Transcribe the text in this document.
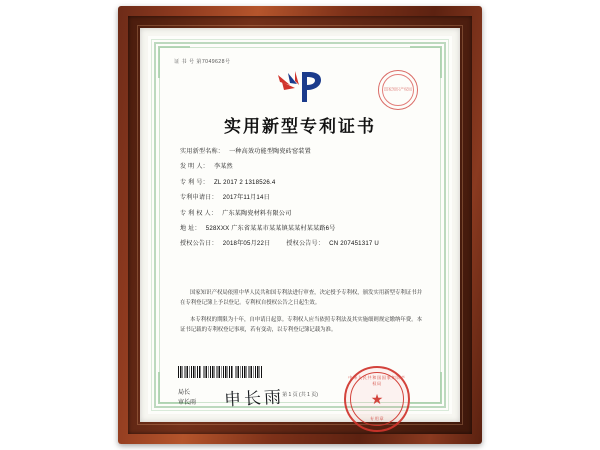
证 书 号 第7049628号
国家知识产权局
实用新型专利证书
实用新型名称： 一种高效功能型陶瓷砖窑装置
发 明 人： 李某然
专 利 号： ZL 2017 2 1318526.4
专利申请日： 2017年11月14日
专 利 权 人： 广东某陶瓷材料有限公司
地 址： 528XXX 广东省某某市某某镇某某村某某路6号
授权公告日： 2018年05月22日	授权公告号： CN 207451317 U

国家知识产权局依照中华人民共和国专利法进行审查，决定授予专利权，颁发实用新型专利证书并在专利登记簿上予以登记。专利权自授权公告之日起生效。

本专利权的期限为十年，自申请日起算。专利权人应当依照专利法及其实施细则规定缴纳年费。本证书记载的专利权登记事项，若有变动，以专利登记簿记载为准。

局长
审长雨 申长雨
中华人民共和国国家知识产权局
★
专用章
第 1 页 (共 1 页)
